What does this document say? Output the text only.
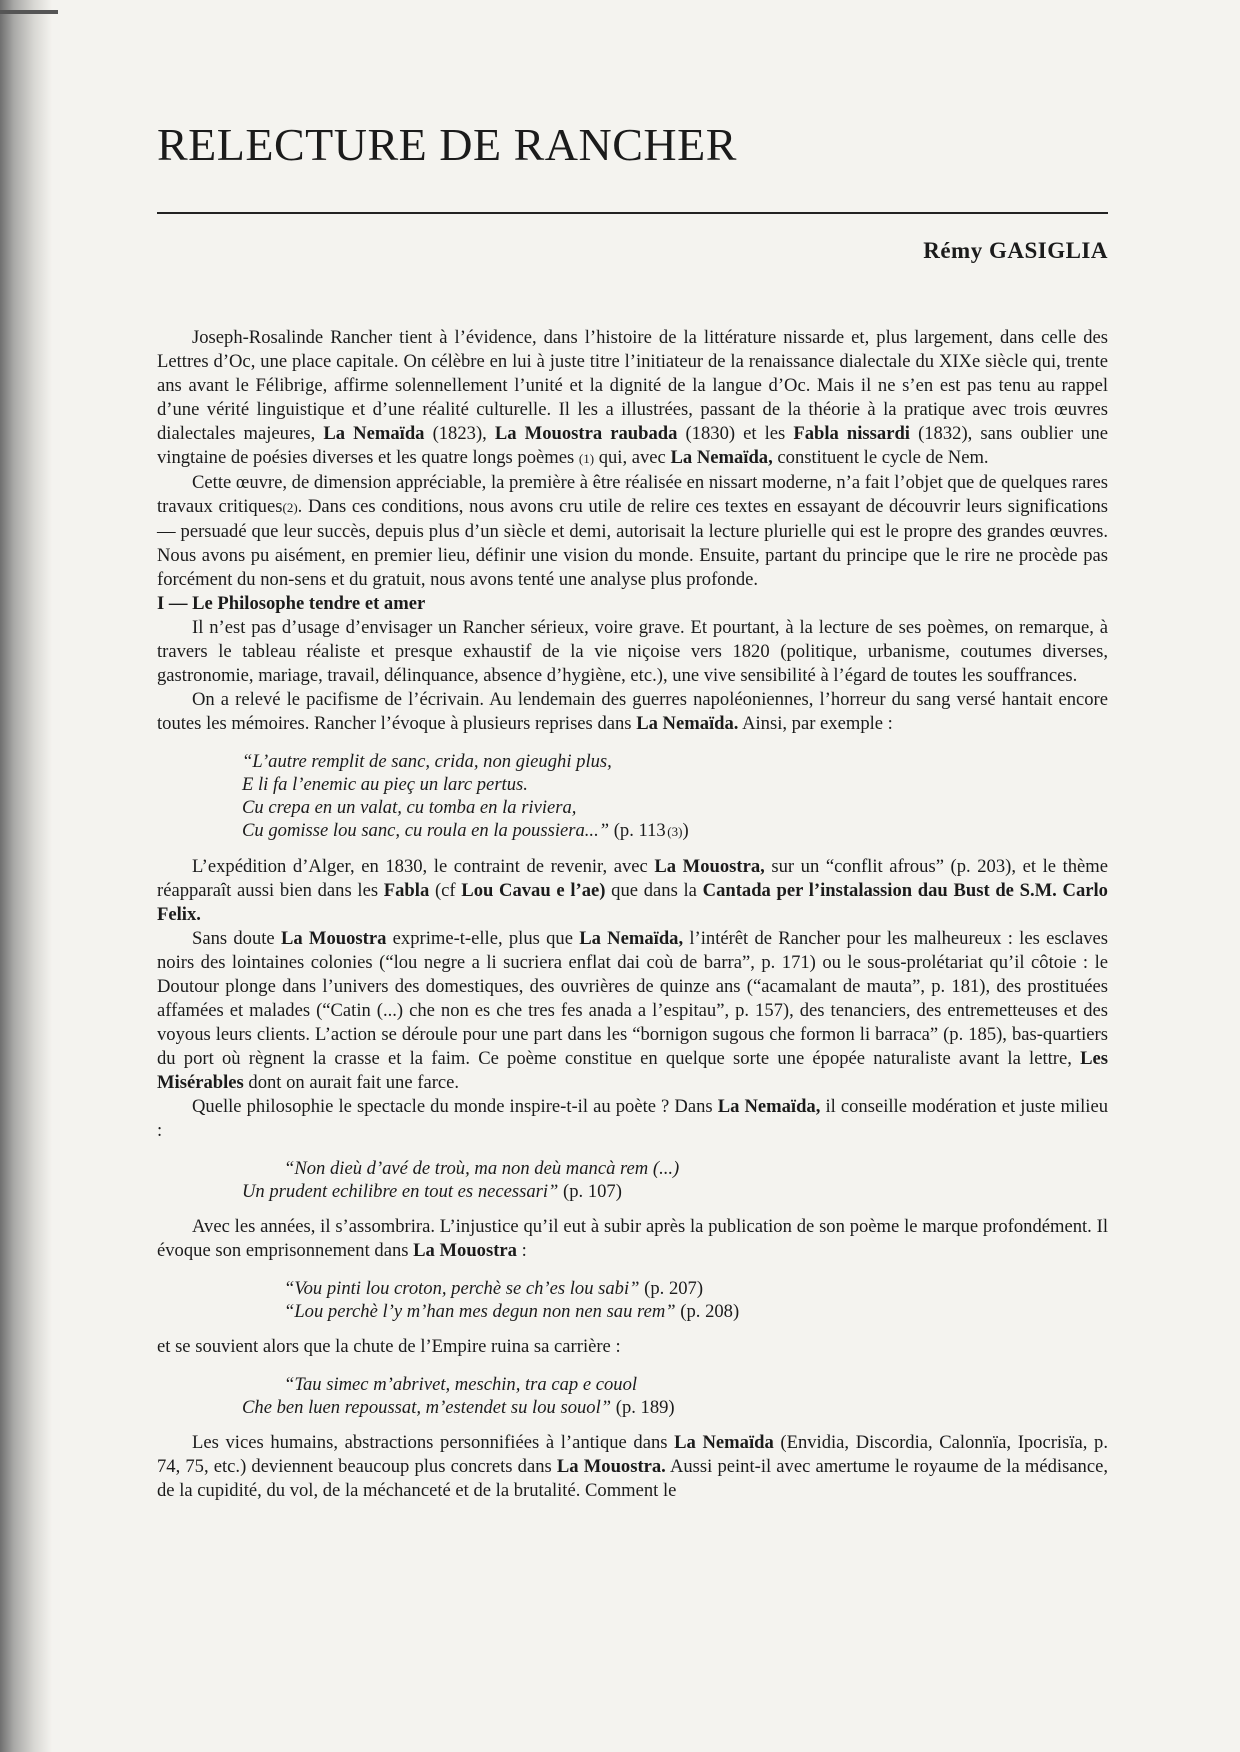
RELECTURE DE RANCHER
Rémy GASIGLIA

Joseph-Rosalinde Rancher tient à l’évidence, dans l’histoire de la littérature nissarde et, plus largement, dans celle des Lettres d’Oc, une place capitale. On célèbre en lui à juste titre l’initiateur de la renaissance dialectale du XIXe siècle qui, trente ans avant le Félibrige, affirme solennellement l’unité et la dignité de la langue d’Oc. Mais il ne s’en est pas tenu au rappel d’une vérité linguistique et d’une réalité culturelle. Il les a illustrées, passant de la théorie à la pratique avec trois œuvres dialectales majeures, La Nemaïda (1823), La Mouostra raubada (1830) et les Fabla nissardi (1832), sans oublier une vingtaine de poésies diverses et les quatre longs poèmes (1) qui, avec La Nemaïda, constituent le cycle de Nem.

Cette œuvre, de dimension appréciable, la première à être réalisée en nissart moderne, n’a fait l’objet que de quelques rares travaux critiques(2). Dans ces conditions, nous avons cru utile de relire ces textes en essayant de découvrir leurs significations — persuadé que leur succès, depuis plus d’un siècle et demi, autorisait la lecture plurielle qui est le propre des grandes œuvres. Nous avons pu aisément, en premier lieu, définir une vision du monde. Ensuite, partant du principe que le rire ne procède pas forcément du non-sens et du gratuit, nous avons tenté une analyse plus profonde.

I — Le Philosophe tendre et amer

Il n’est pas d’usage d’envisager un Rancher sérieux, voire grave. Et pourtant, à la lecture de ses poèmes, on remarque, à travers le tableau réaliste et presque exhaustif de la vie niçoise vers 1820 (politique, urbanisme, coutumes diverses, gastronomie, mariage, travail, délinquance, absence d’hygiène, etc.), une vive sensibilité à l’égard de toutes les souffrances.

On a relevé le pacifisme de l’écrivain. Au lendemain des guerres napoléoniennes, l’horreur du sang versé hantait encore toutes les mémoires. Rancher l’évoque à plusieurs reprises dans La Nemaïda. Ainsi, par exemple :

“L’autre remplit de sanc, crida, non gieughi plus,
E li fa l’enemic au pieç un larc pertus.
Cu crepa en un valat, cu tomba en la riviera,
Cu gomisse lou sanc, cu roula en la poussiera...” (p. 113  (3))

L’expédition d’Alger, en 1830, le contraint de revenir, avec La Mouostra, sur un “conflit afrous” (p. 203), et le thème réapparaît aussi bien dans les Fabla (cf Lou Cavau e l’ae) que dans la Cantada per l’instalassion dau Bust de S.M. Carlo Felix.

Sans doute La Mouostra exprime-t-elle, plus que La Nemaïda, l’intérêt de Rancher pour les malheureux : les esclaves noirs des lointaines colonies (“lou negre a li sucriera enflat dai coù de barra”, p. 171) ou le sous-prolétariat qu’il côtoie : le Doutour plonge dans l’univers des domestiques, des ouvrières de quinze ans (“acamalant de mauta”, p. 181), des prostituées affamées et malades (“Catin (...) che non es che tres fes anada a l’espitau”, p. 157), des tenanciers, des entremetteuses et des voyous leurs clients. L’action se déroule pour une part dans les “bornigon sugous che formon li barraca” (p. 185), bas-quartiers du port où règnent la crasse et la faim. Ce poème constitue en quelque sorte une épopée naturaliste avant la lettre, Les Misérables dont on aurait fait une farce.

Quelle philosophie le spectacle du monde inspire-t-il au poète ? Dans La Nemaïda, il conseille modération et juste milieu :

“Non dieù d’avé de troù, ma non deù mancà rem (...)
Un prudent echilibre en tout es necessari” (p. 107)

Avec les années, il s’assombrira. L’injustice qu’il eut à subir après la publication de son poème le marque profondément. Il évoque son emprisonnement dans La Mouostra :

“Vou pinti lou croton, perchè se ch’es lou sabi” (p. 207)
“Lou perchè l’y m’han mes degun non nen sau rem” (p. 208)

et se souvient alors que la chute de l’Empire ruina sa carrière :

“Tau simec m’abrivet, meschin, tra cap e couol
Che ben luen repoussat, m’estendet su lou souol” (p. 189)

Les vices humains, abstractions personnifiées à l’antique dans La Nemaïda (Envidia, Discordia, Calonnïa, Ipocrisïa, p. 74, 75, etc.) deviennent beaucoup plus concrets dans La Mouostra. Aussi peint-il avec amertume le royaume de la médisance, de la cupidité, du vol, de la méchanceté et de la brutalité. Comment le
